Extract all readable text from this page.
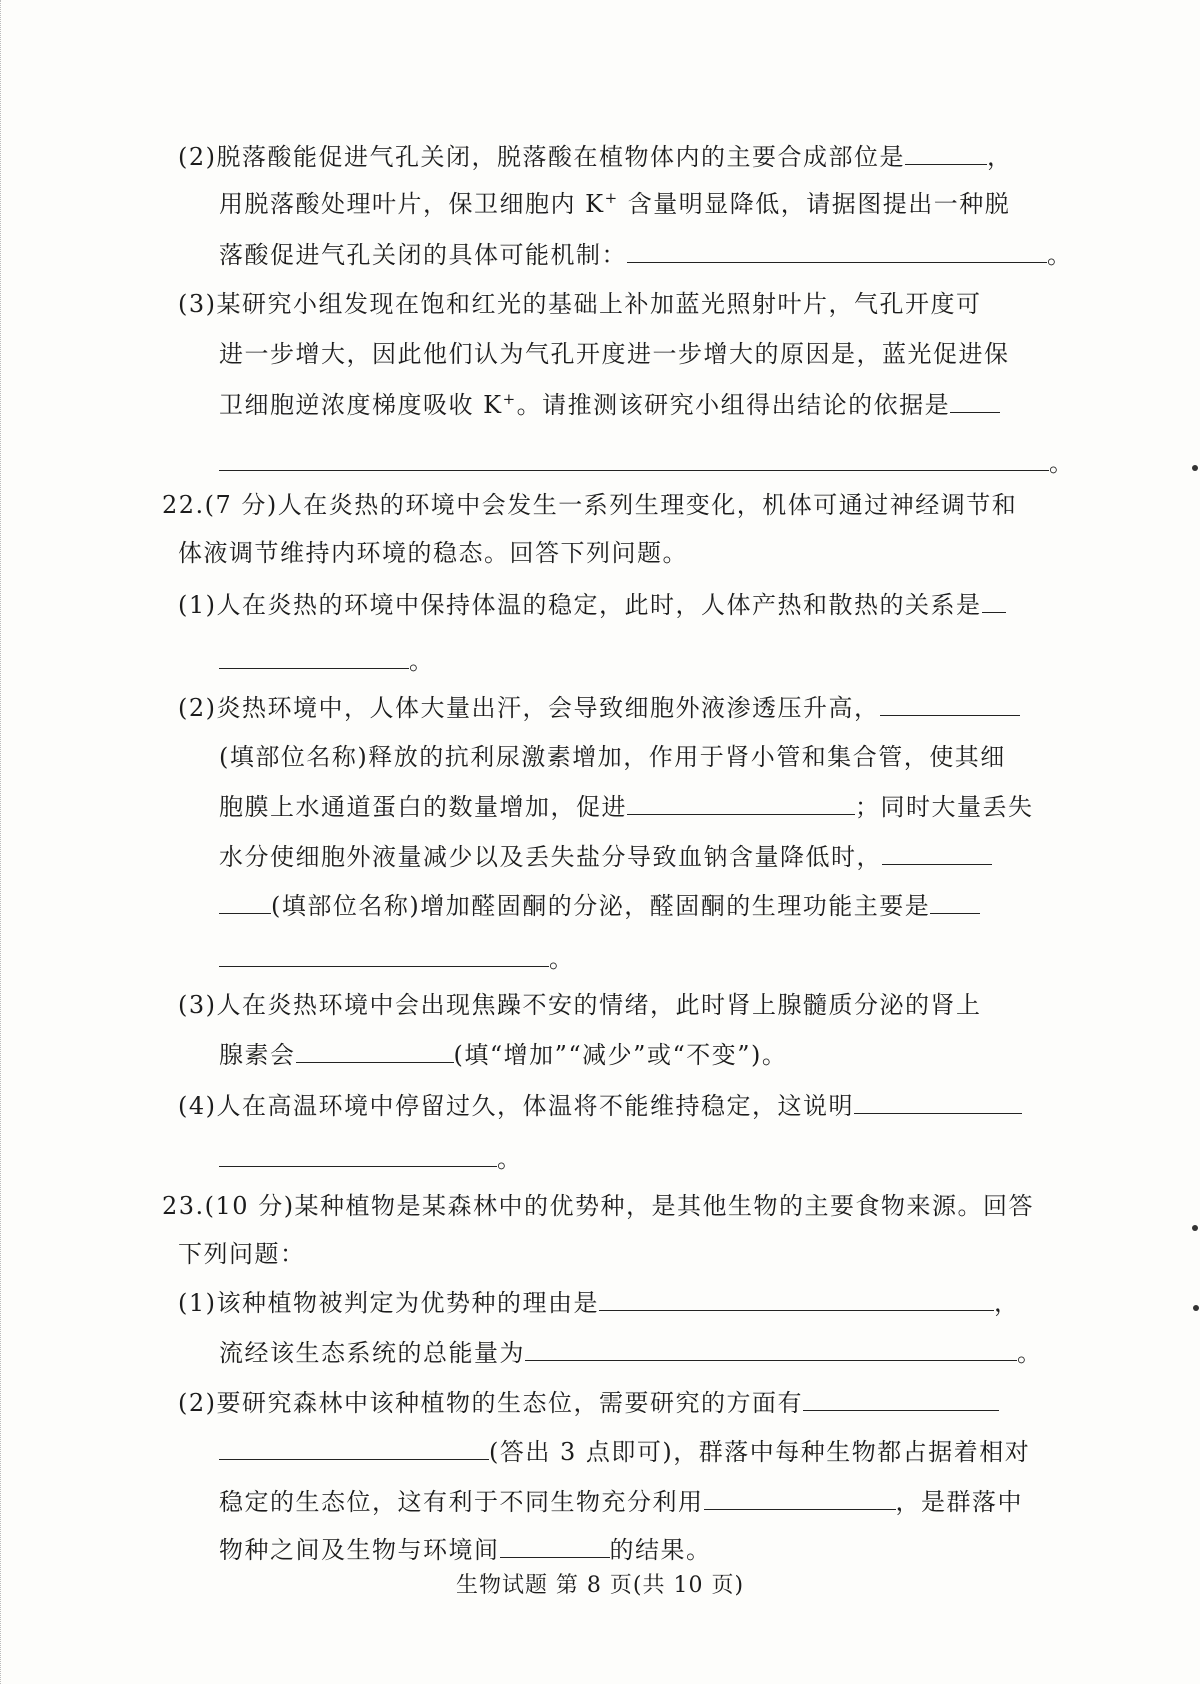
(2)脱落酸能促进气孔关闭，脱落酸在植物体内的主要合成部位是	，
用脱落酸处理叶片，保卫细胞内 K+ 含量明显降低，请据图提出一种脱
落酸促进气孔关闭的具体可能机制：	。
(3)某研究小组发现在饱和红光的基础上补加蓝光照射叶片，气孔开度可
进一步增大，因此他们认为气孔开度进一步增大的原因是，蓝光促进保
卫细胞逆浓度梯度吸收 K+。请推测该研究小组得出结论的依据是
。
22.(7 分)人在炎热的环境中会发生一系列生理变化，机体可通过神经调节和
体液调节维持内环境的稳态。回答下列问题。
(1)人在炎热的环境中保持体温的稳定，此时，人体产热和散热的关系是
。
(2)炎热环境中，人体大量出汗，会导致细胞外液渗透压升高，
(填部位名称)释放的抗利尿激素增加，作用于肾小管和集合管，使其细
胞膜上水通道蛋白的数量增加，促进	；同时大量丢失
水分使细胞外液量减少以及丢失盐分导致血钠含量降低时，
(填部位名称)增加醛固酮的分泌，醛固酮的生理功能主要是
。
(3)人在炎热环境中会出现焦躁不安的情绪，此时肾上腺髓质分泌的肾上
腺素会	(填“增加”“减少”或“不变”)。
(4)人在高温环境中停留过久，体温将不能维持稳定，这说明
。
23.(10 分)某种植物是某森林中的优势种，是其他生物的主要食物来源。回答
下列问题：
(1)该种植物被判定为优势种的理由是	，
流经该生态系统的总能量为	。
(2)要研究森林中该种植物的生态位，需要研究的方面有
(答出 3 点即可)，群落中每种生物都占据着相对
稳定的生态位，这有利于不同生物充分利用	，是群落中
物种之间及生物与环境间	的结果。
生物试题 第 8 页(共 10 页)
